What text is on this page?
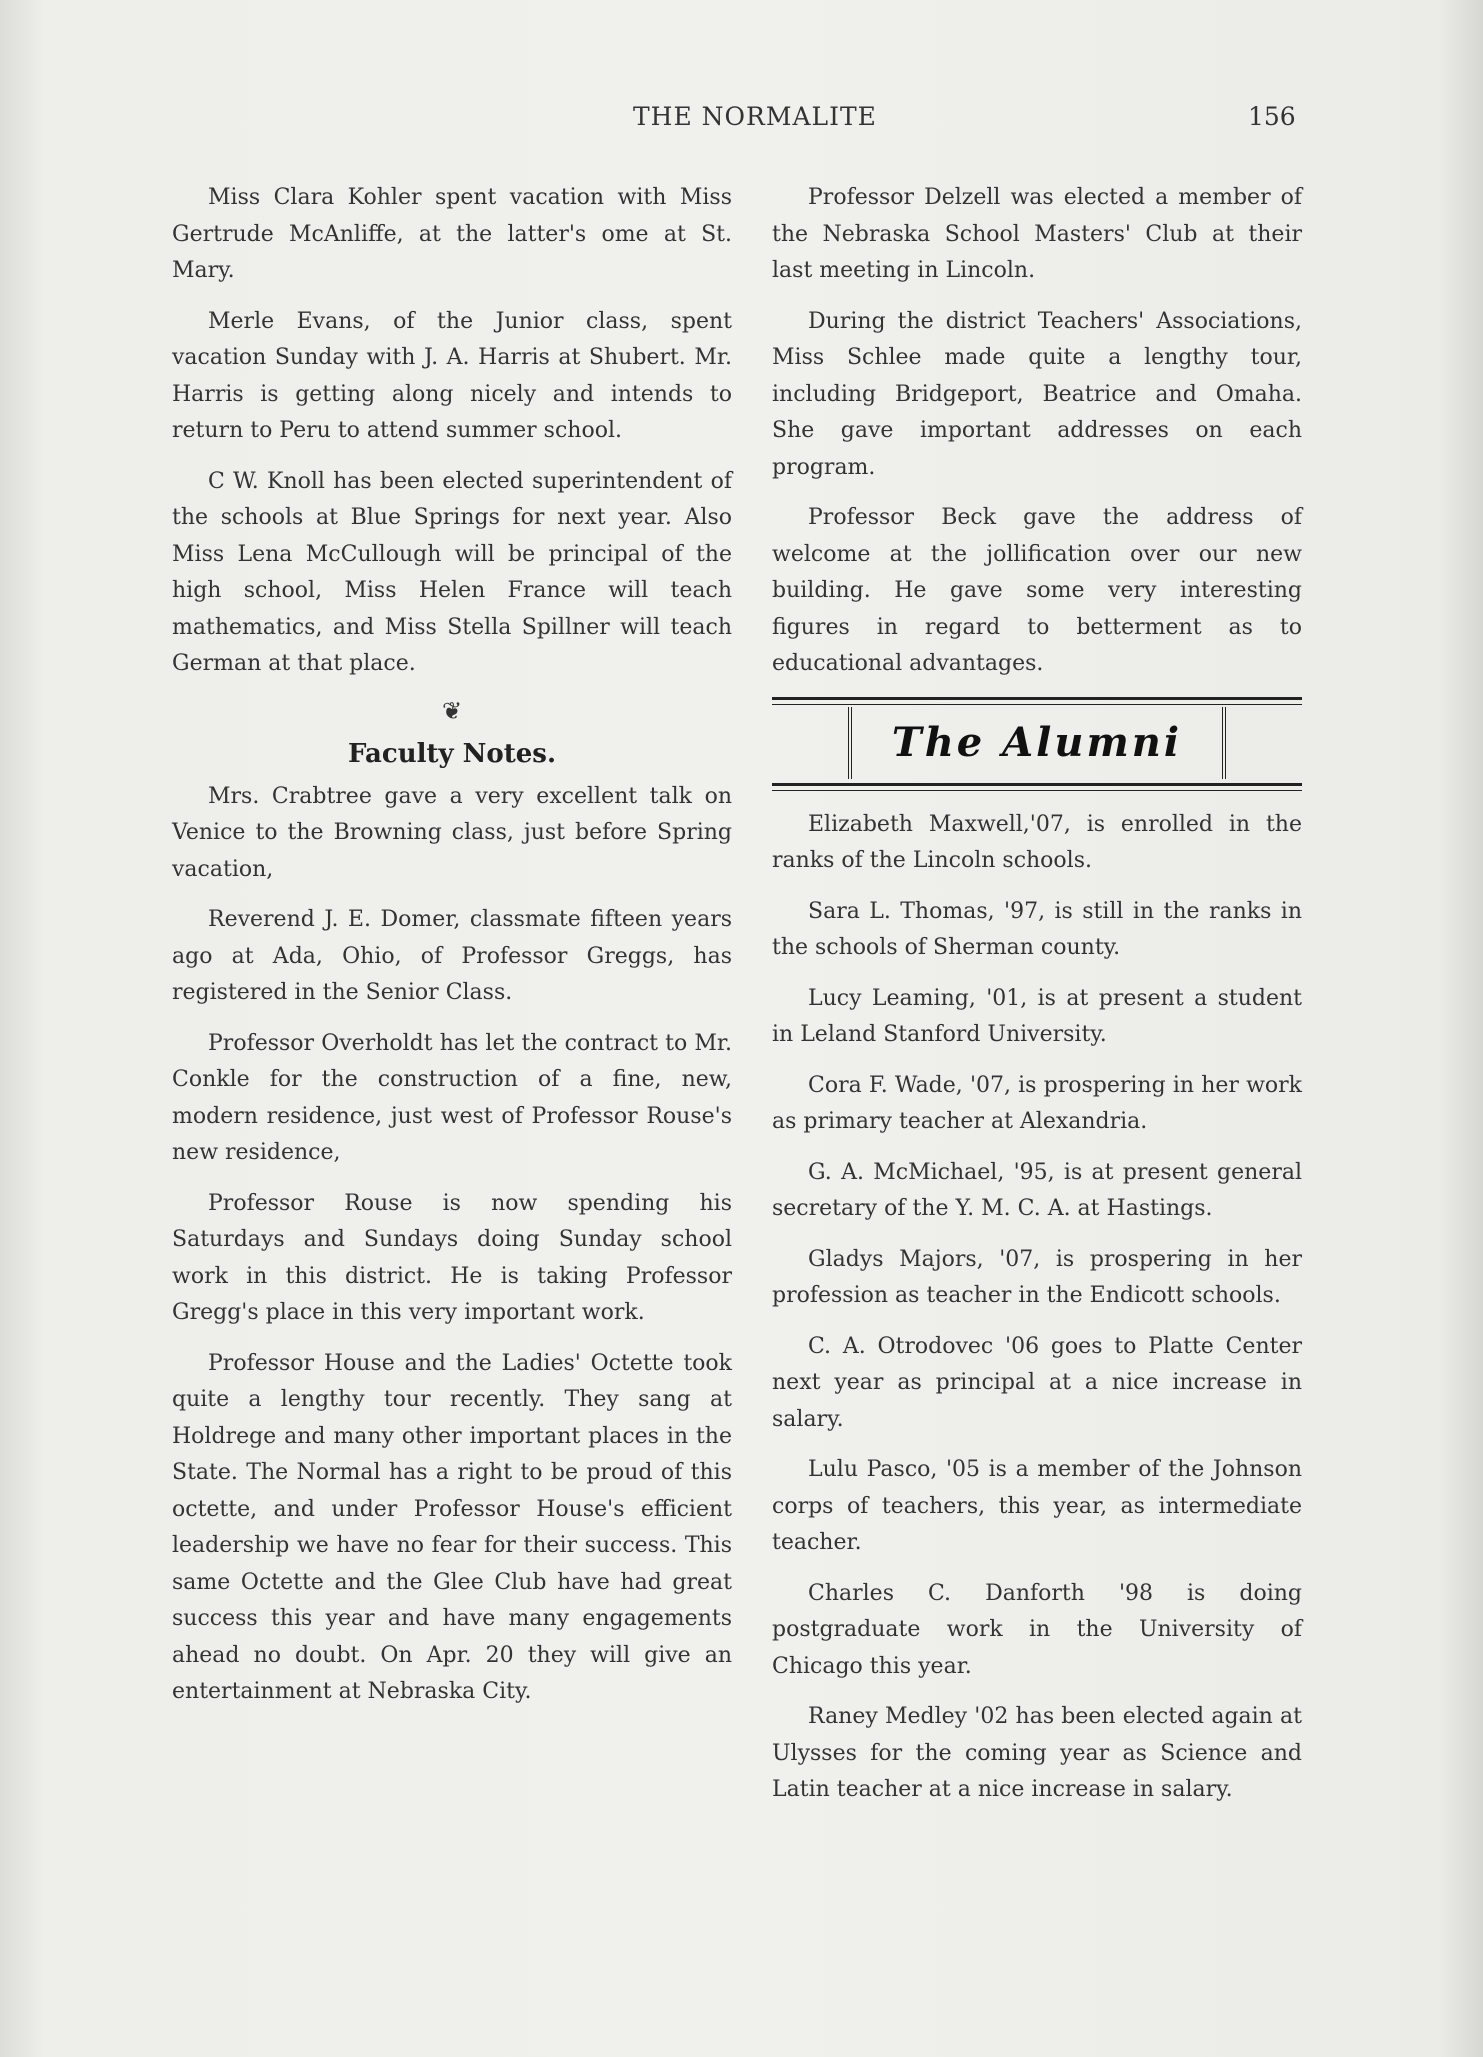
THE NORMALITE	156

Miss Clara Kohler spent vacation with Miss Gertrude McAnliffe, at the latter's ome at St. Mary.

Merle Evans, of the Junior class, spent vacation Sunday with J. A. Harris at Shubert. Mr. Harris is getting along nicely and intends to return to Peru to attend summer school.

C W. Knoll has been elected superintendent of the schools at Blue Springs for next year. Also Miss Lena McCullough will be principal of the high school, Miss Helen France will teach mathematics, and Miss Stella Spillner will teach German at that place.

❦
Faculty Notes.

Mrs. Crabtree gave a very excellent talk on Venice to the Browning class, just before Spring vacation,

Reverend J. E. Domer, classmate fifteen years ago at Ada, Ohio, of Professor Greggs, has registered in the Senior Class.

Professor Overholdt has let the contract to Mr. Conkle for the construction of a fine, new, modern residence, just west of Professor Rouse's new residence,

Professor Rouse is now spending his Saturdays and Sundays doing Sunday school work in this district. He is taking Professor Gregg's place in this very important work.

Professor House and the Ladies' Octette took quite a lengthy tour recently. They sang at Holdrege and many other important places in the State. The Normal has a right to be proud of this octette, and under Professor House's efficient leadership we have no fear for their success. This same Octette and the Glee Club have had great success this year and have many engagements ahead no doubt. On Apr. 20 they will give an entertainment at Nebraska City.

Professor Delzell was elected a member of the Nebraska School Masters' Club at their last meeting in Lincoln.

During the district Teachers' Associations, Miss Schlee made quite a lengthy tour, including Bridgeport, Beatrice and Omaha. She gave important addresses on each program.

Professor Beck gave the address of welcome at the jollification over our new building. He gave some very interesting figures in regard to betterment as to educational advantages.

The Alumni

Elizabeth Maxwell,'07, is enrolled in the ranks of the Lincoln schools.

Sara L. Thomas, '97, is still in the ranks in the schools of Sherman county.

Lucy Leaming, '01, is at present a student in Leland Stanford University.

Cora F. Wade, '07, is prospering in her work as primary teacher at Alexandria.

G. A. McMichael, '95, is at present general secretary of the Y. M. C. A. at Hastings.

Gladys Majors, '07, is prospering in her profession as teacher in the Endicott schools.

C. A. Otrodovec '06 goes to Platte Center next year as principal at a nice increase in salary.

Lulu Pasco, '05 is a member of the Johnson corps of teachers, this year, as intermediate teacher.

Charles C. Danforth '98 is doing postgraduate work in the University of Chicago this year.

Raney Medley '02 has been elected again at Ulysses for the coming year as Science and Latin teacher at a nice increase in salary.
